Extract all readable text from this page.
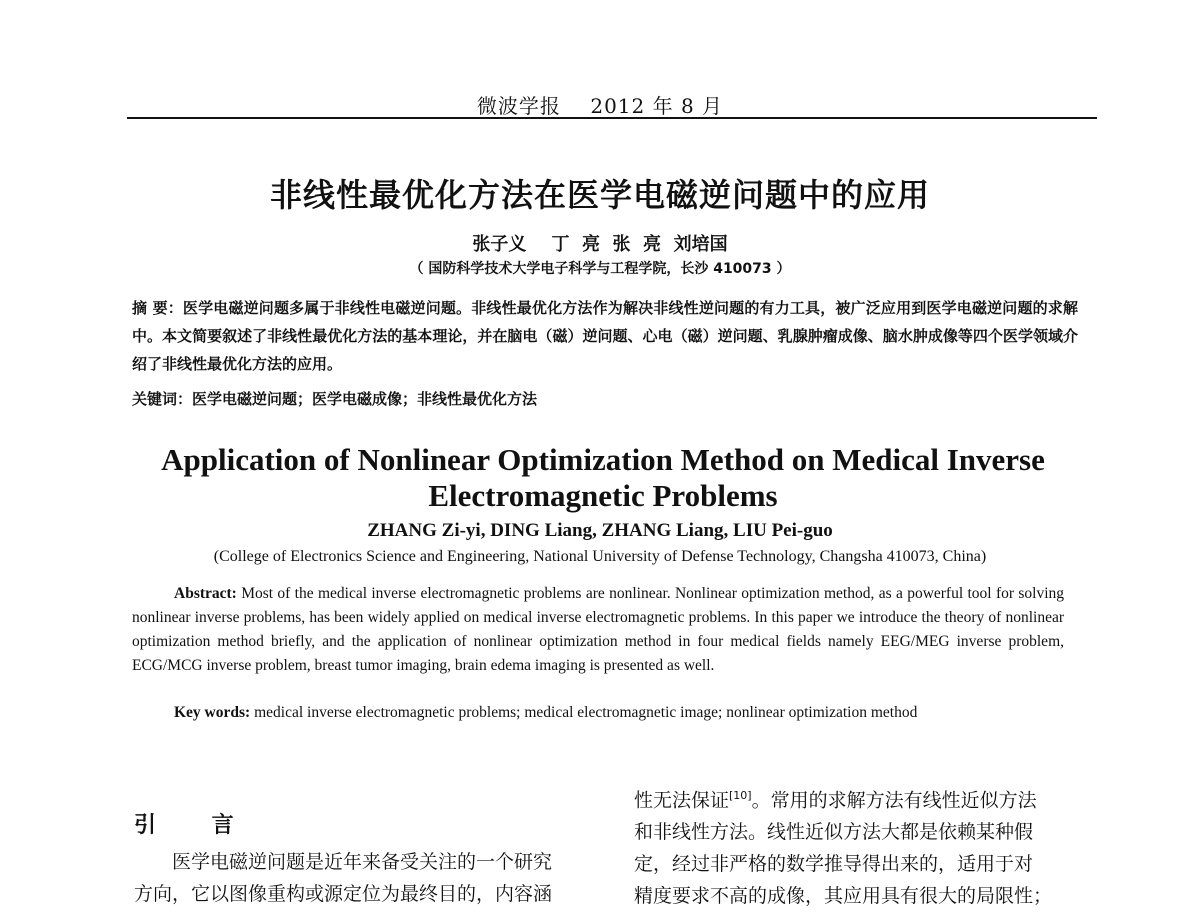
微波学报 2012 年 8 月
非线性最优化方法在医学电磁逆问题中的应用
张子义    丁  亮  张  亮  刘培国
（ 国防科学技术大学电子科学与工程学院，长沙 410073 ）
摘 要：医学电磁逆问题多属于非线性电磁逆问题。非线性最优化方法作为解决非线性逆问题的有力工具，被广泛应用到医学电磁逆问题的求解中。本文简要叙述了非线性最优化方法的基本理论，并在脑电（磁）逆问题、心电（磁）逆问题、乳腺肿瘤成像、脑水肿成像等四个医学领域介绍了非线性最优化方法的应用。
关键词：医学电磁逆问题；医学电磁成像；非线性最优化方法
Application of Nonlinear Optimization Method on Medical Inverse
Electromagnetic Problems
ZHANG Zi-yi, DING Liang, ZHANG Liang, LIU Pei-guo
(College of Electronics Science and Engineering, National University of Defense Technology, Changsha 410073, China)
Abstract: Most of the medical inverse electromagnetic problems are nonlinear. Nonlinear optimization method, as a powerful tool for solving nonlinear inverse problems, has been widely applied on medical inverse electromagnetic problems. In this paper we introduce the theory of nonlinear optimization method briefly, and the application of nonlinear optimization method in four medical fields namely EEG/MEG inverse problem, ECG/MCG inverse problem, breast tumor imaging, brain edema imaging is presented as well.
Key words: medical inverse electromagnetic problems; medical electromagnetic image; nonlinear optimization method
引 言

医学电磁逆问题是近年来备受关注的一个研究

方向，它以图像重构或源定位为最终目的，内容涵
性无法保证[10]。常用的求解方法有线性近似方法
和非线性方法。线性近似方法大都是依赖某种假
定，经过非严格的数学推导得出来的，适用于对
精度要求不高的成像，其应用具有很大的局限性；
